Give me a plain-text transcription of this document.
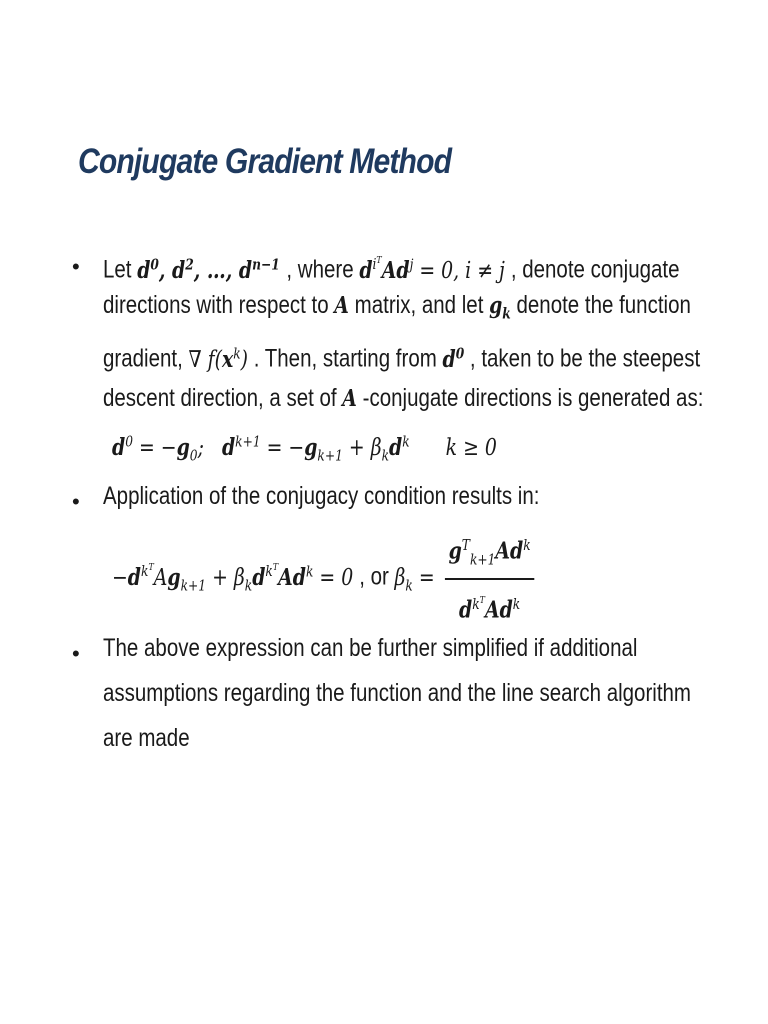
Conjugate Gradient Method
• Let $d^0$, $d^2$, …, $d^{n-1}$ , where $d^{i^T}Ad^j = 0$, i ≠ j , denote conjugate
directions with respect to A matrix, and let $g_k$ denote the function
gradient, ∇ $f(x^k)$ . Then, starting from $d^0$ , taken to be the steepest
descent direction, a set of A -conjugate directions is generated as:
$d^0 = -g_0$;   $d^{k+1} = -g_{k+1} + \beta_kd^k$      k ≥ 0
• Application of the conjugacy condition results in:
$-d^{k^T}Ag_{k+1} + \beta_kd^{k^T}Ad^k = 0$ , or $\beta_k = \frac{g^T_{k+1}Ad^k}{d^{k^T}Ad^k}$
• The above expression can be further simplified if additional
assumptions regarding the function and the line search algorithm
are made
